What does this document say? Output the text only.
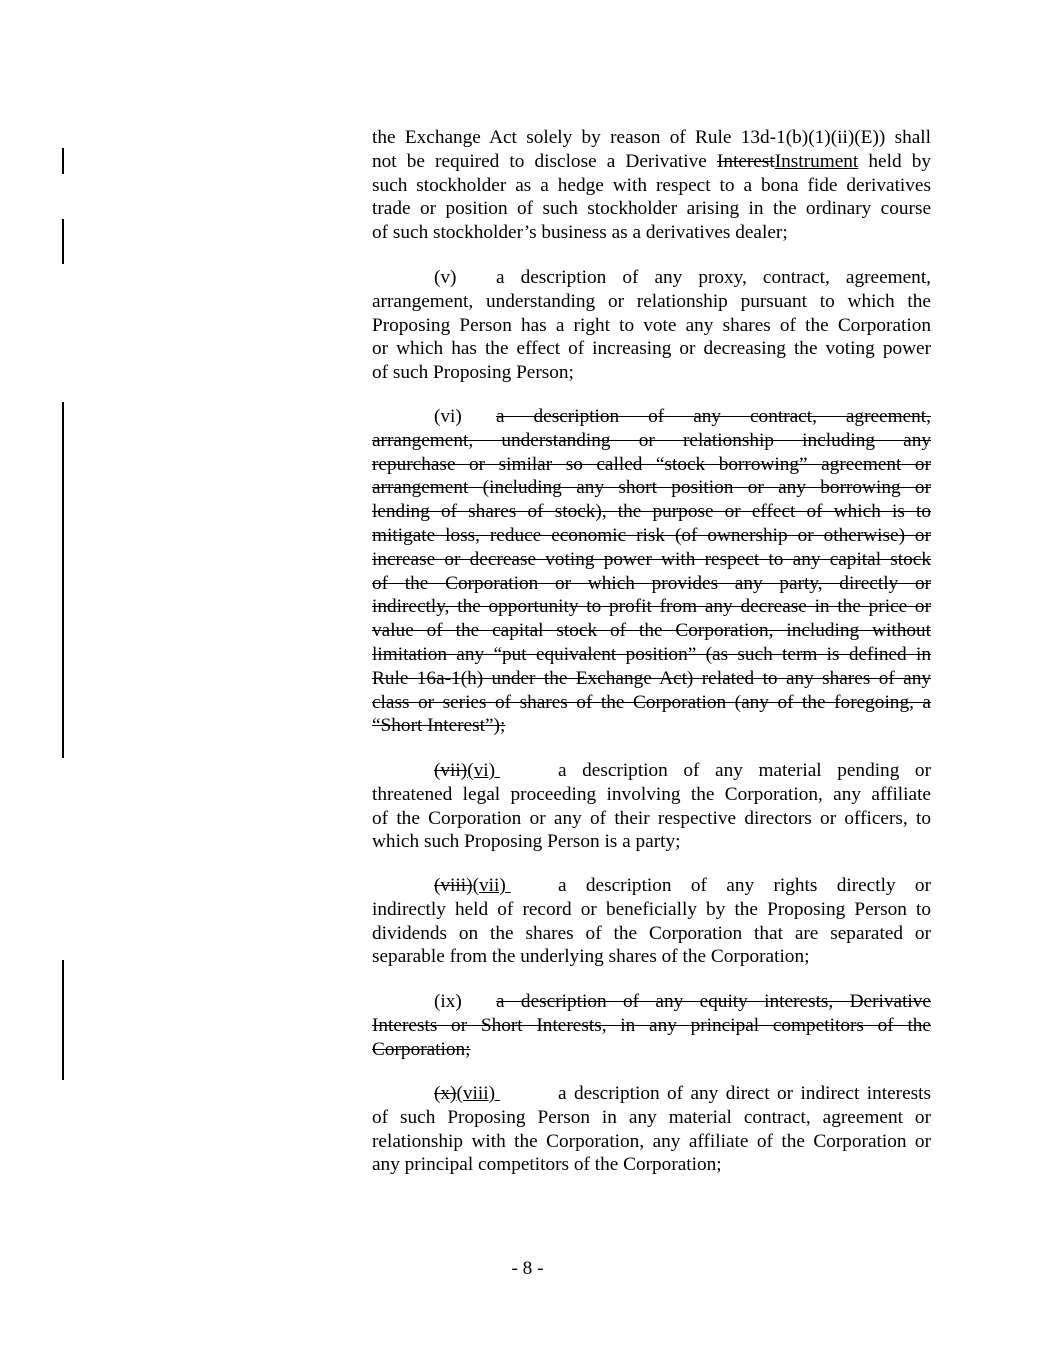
the Exchange Act solely by reason of Rule 13d-1(b)(1)(ii)(E)) shall
not be required to disclose a Derivative InterestInstrument held by
such stockholder as a hedge with respect to a bona fide derivatives
trade or position of such stockholder arising in the ordinary course
of such stockholder’s business as a derivatives dealer;
(v) a description of any proxy, contract, agreement,
arrangement, understanding or relationship pursuant to which the
Proposing Person has a right to vote any shares of the Corporation
or which has the effect of increasing or decreasing the voting power
of such Proposing Person;
(vi) a description of any contract, agreement,
arrangement, understanding or relationship including any
repurchase or similar so called “stock borrowing” agreement or
arrangement (including any short position or any borrowing or
lending of shares of stock), the purpose or effect of which is to
mitigate loss, reduce economic risk (of ownership or otherwise) or
increase or decrease voting power with respect to any capital stock
of the Corporation or which provides any party, directly or
indirectly, the opportunity to profit from any decrease in the price or
value of the capital stock of the Corporation, including without
limitation any “put equivalent position” (as such term is defined in
Rule 16a-1(h) under the Exchange Act) related to any shares of any
class or series of shares of the Corporation (any of the foregoing, a
“Short Interest”);
(vii)(vi)	a description of any material pending or
threatened legal proceeding involving the Corporation, any affiliate
of the Corporation or any of their respective directors or officers, to
which such Proposing Person is a party;
(viii)(vii)	a description of any rights directly or
indirectly held of record or beneficially by the Proposing Person to
dividends on the shares of the Corporation that are separated or
separable from the underlying shares of the Corporation;
(ix) a description of any equity interests, Derivative
Interests or Short Interests, in any principal competitors of the
Corporation;
(x)(viii)	a description of any direct or indirect interests
of such Proposing Person in any material contract, agreement or
relationship with the Corporation, any affiliate of the Corporation or
any principal competitors of the Corporation;
- 8 -
